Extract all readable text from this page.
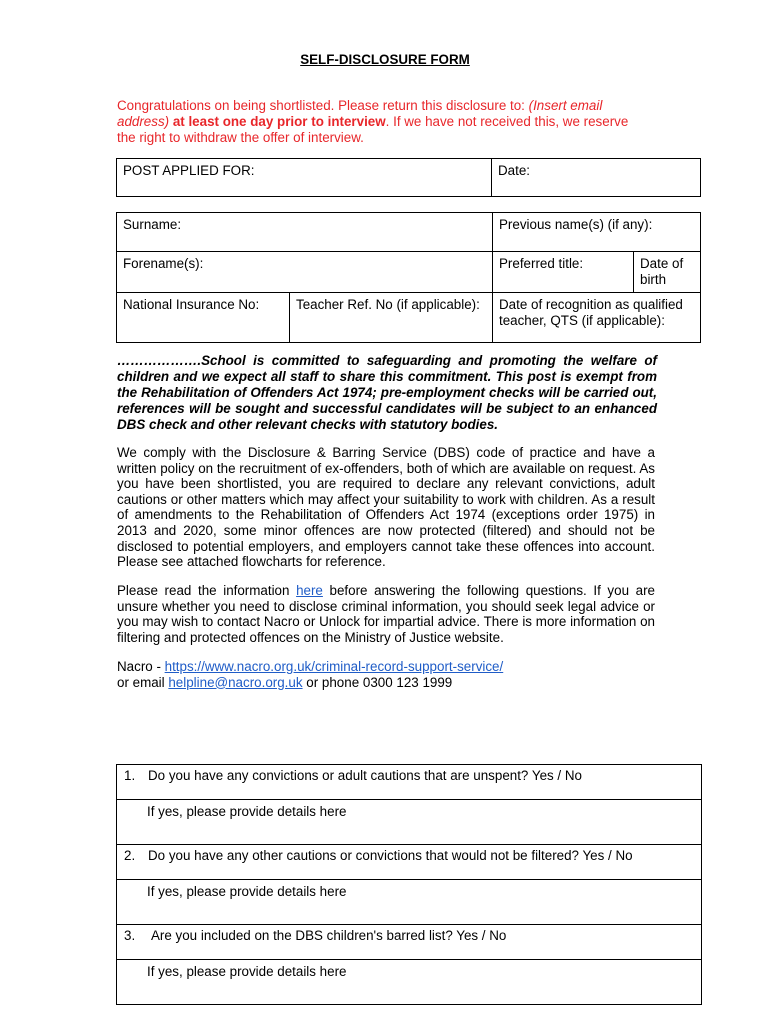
SELF-DISCLOSURE FORM
Congratulations on being shortlisted. Please return this disclosure to: (Insert email address) at least one day prior to interview. If we have not received this, we reserve the right to withdraw the offer of interview.
POST APPLIED FOR:	Date:
Surname:		Previous name(s) (if any):	
Forename(s):		Preferred title:	Date of birth
National Insurance No:	Teacher Ref. No (if applicable):	Date of recognition as qualified teacher, QTS (if applicable):	
……………….School is committed to safeguarding and promoting the welfare of children and we expect all staff to share this commitment. This post is exempt from the Rehabilitation of Offenders Act 1974; pre-employment checks will be carried out, references will be sought and successful candidates will be subject to an enhanced DBS check and other relevant checks with statutory bodies.
We comply with the Disclosure & Barring Service (DBS) code of practice and have a written policy on the recruitment of ex-offenders, both of which are available on request. As you have been shortlisted, you are required to declare any relevant convictions, adult cautions or other matters which may affect your suitability to work with children. As a result of amendments to the Rehabilitation of Offenders Act 1974 (exceptions order 1975) in 2013 and 2020, some minor offences are now protected (filtered) and should not be disclosed to potential employers, and employers cannot take these offences into account. Please see attached flowcharts for reference.
Please read the information here before answering the following questions. If you are unsure whether you need to disclose criminal information, you should seek legal advice or you may wish to contact Nacro or Unlock for impartial advice. There is more information on filtering and protected offences on the Ministry of Justice website.
Nacro - https://www.nacro.org.uk/criminal-record-support-service/
or email helpline@nacro.org.uk or phone 0300 123 1999
1. Do you have any convictions or adult cautions that are unspent? Yes / No

If yes, please provide details here

2. Do you have any other cautions or convictions that would not be filtered? Yes / No

If yes, please provide details here

3. Are you included on the DBS children's barred list? Yes / No

If yes, please provide details here
